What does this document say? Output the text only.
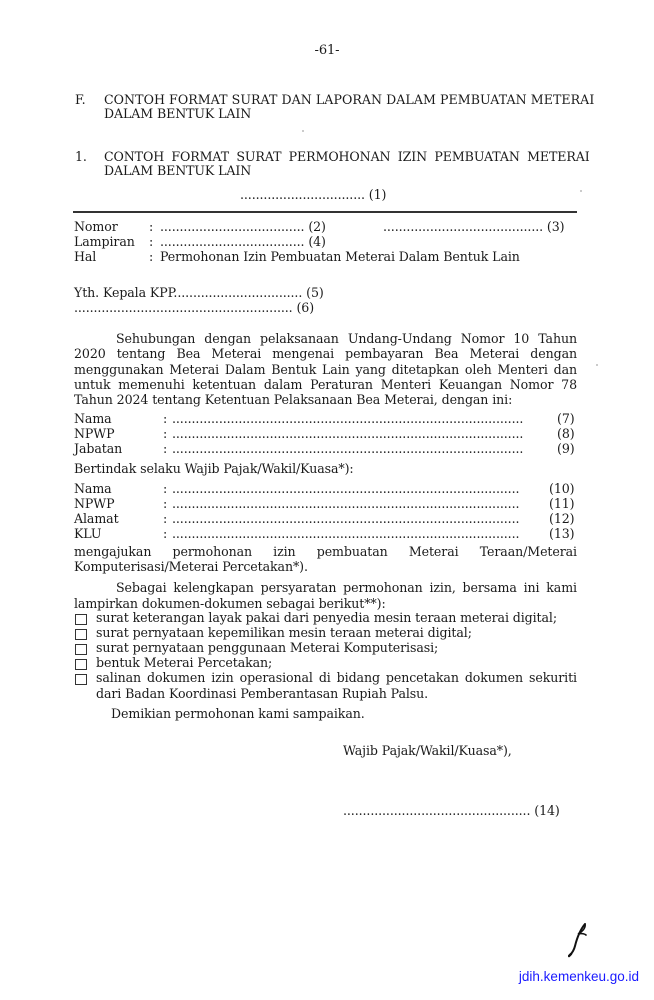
-61-
F. CONTOH FORMAT SURAT DAN LAPORAN DALAM PEMBUATAN METERAI
DALAM BENTUK LAIN
1. CONTOH FORMAT SURAT PERMOHONAN IZIN PEMBUATAN METERAI
DALAM BENTUK LAIN
................................ (1)
Nomor : ..................................... (2)	......................................... (3)
Lampiran : ..................................... (4)
Hal	: Permohonan Izin Pembuatan Meterai Dalam Bentuk Lain
Yth. Kepala KPP................................. (5)
........................................................ (6)
Sehubungan dengan pelaksanaan Undang-Undang Nomor 10 Tahun 2020 tentang Bea Meterai mengenai pembayaran Bea Meterai dengan menggunakan Meterai Dalam Bentuk Lain yang ditetapkan oleh Menteri dan untuk memenuhi ketentuan dalam Peraturan Menteri Keuangan Nomor 78 Tahun 2024 tentang Ketentuan Pelaksanaan Bea Meterai, dengan ini:
Nama	: ..........................................................................................	(7)
NPWP	: ..........................................................................................	(8)
Jabatan	: ..........................................................................................	(9)
Bertindak selaku Wajib Pajak/Wakil/Kuasa*):
Nama	: .........................................................................................	(10)
NPWP	: .........................................................................................	(11)
Alamat	: .........................................................................................	(12)
KLU	: .........................................................................................	(13)
mengajukan permohonan izin pembuatan Meterai Teraan/Meterai
Komputerisasi/Meterai Percetakan*).
Sebagai kelengkapan persyaratan permohonan izin, bersama ini kami lampirkan dokumen-dokumen sebagai berikut**):
surat keterangan layak pakai dari penyedia mesin teraan meterai digital;
surat pernyataan kepemilikan mesin teraan meterai digital;
surat pernyataan penggunaan Meterai Komputerisasi;
bentuk Meterai Percetakan;
salinan dokumen izin operasional di bidang pencetakan dokumen sekuriti dari Badan Koordinasi Pemberantasan Rupiah Palsu.
Demikian permohonan kami sampaikan.
Wajib Pajak/Wakil/Kuasa*),
................................................ (14)
jdih.kemenkeu.go.id
